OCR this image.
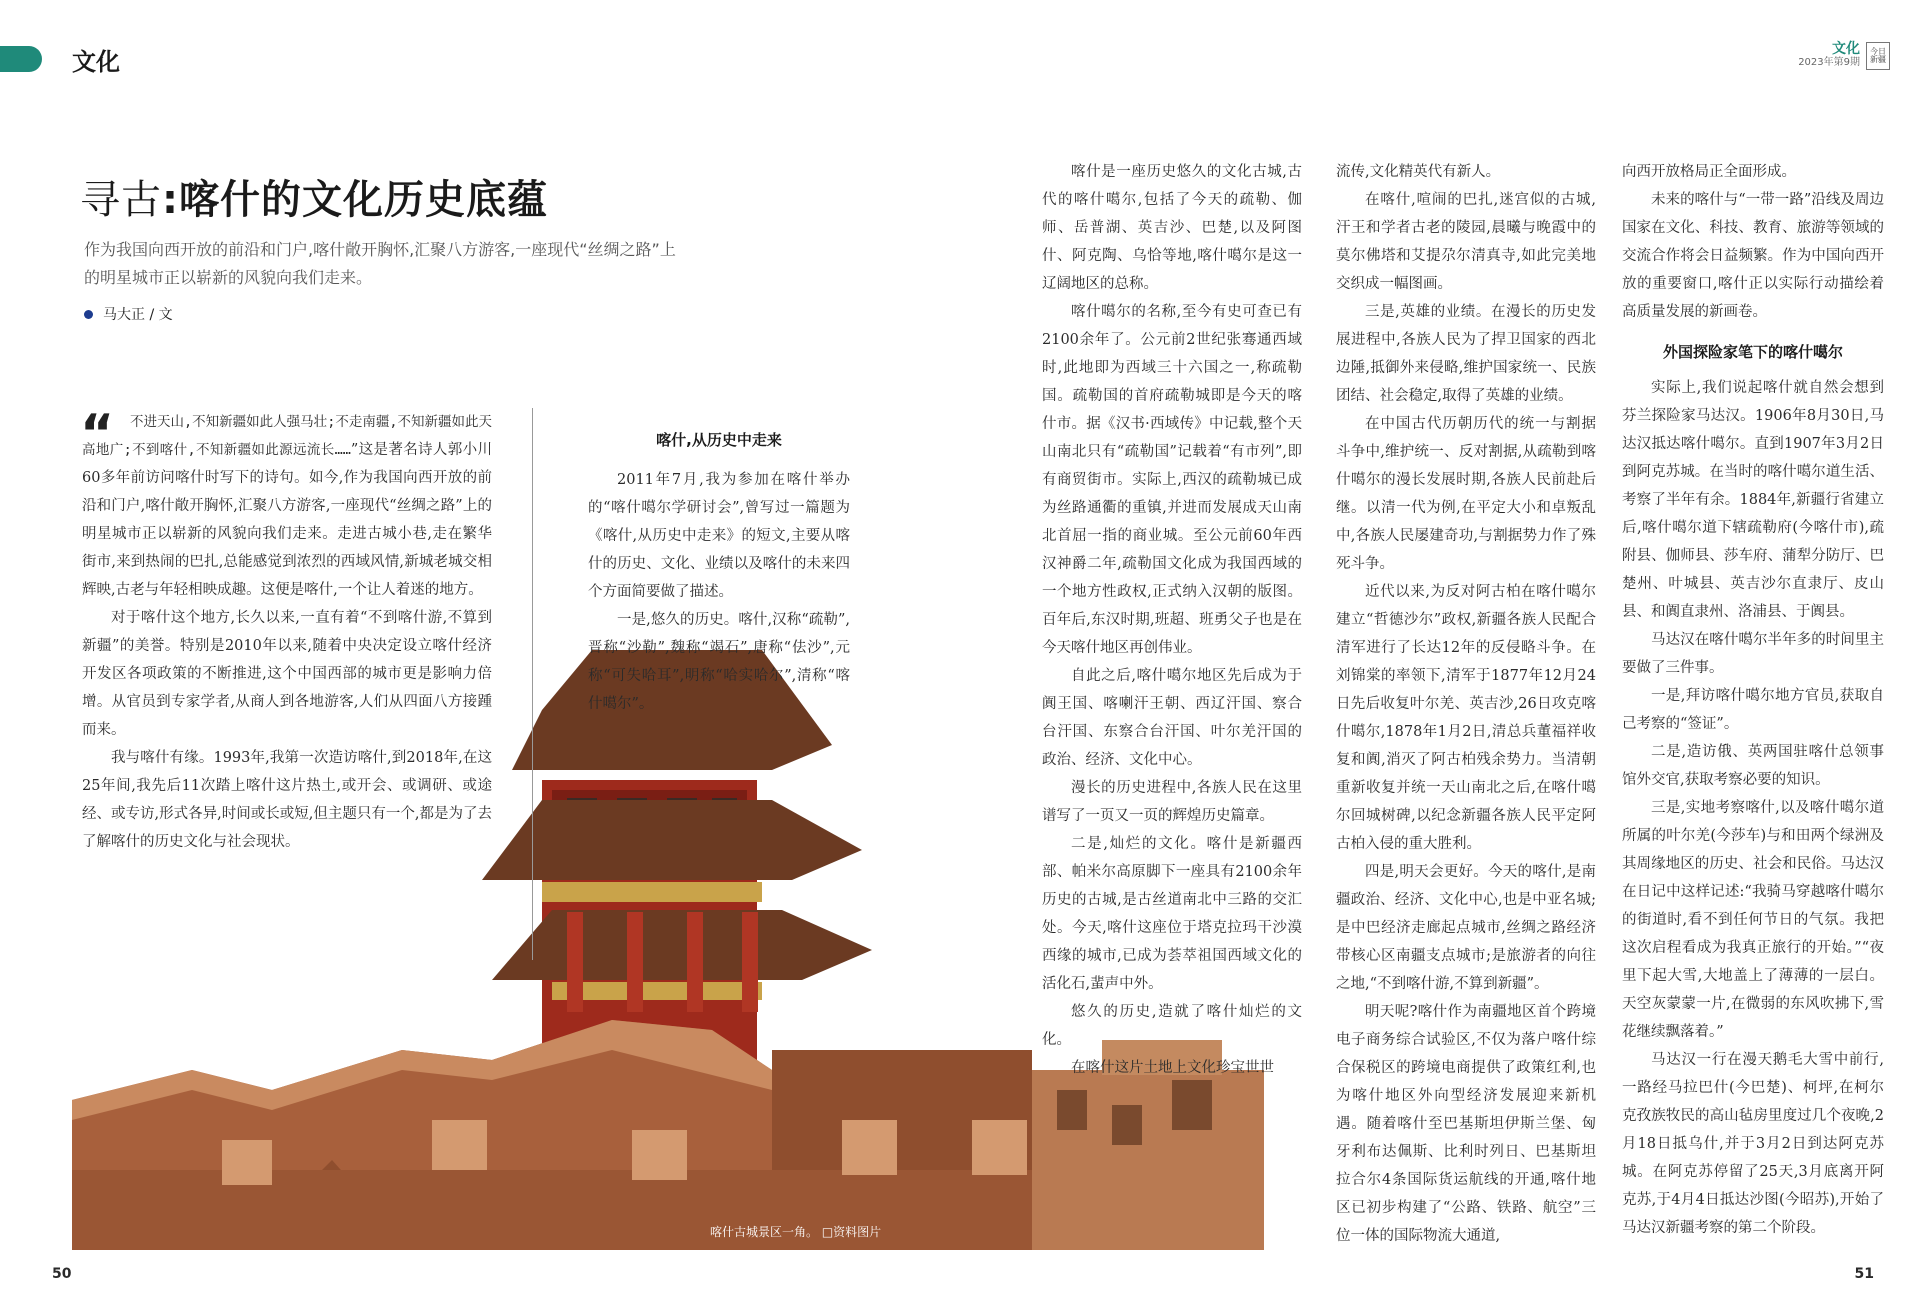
文化	文化
2023年第9期
今日新疆
寻古:喀什的文化历史底蕴
作为我国向西开放的前沿和门户,喀什敞开胸怀,汇聚八方游客,一座现代“丝绸之路”上的明星城市正以崭新的风貌向我们走来。
马大正 / 文
喀什古城景区一角。 □资料图片
“	不进天山,不知新疆如此人强马壮;不走南疆,不知新疆如此天高地广;不到喀什,不知新疆如此源远流长……”这是著名诗人郭小川60多年前访问喀什时写下的诗句。如今,作为我国向西开放的前沿和门户,喀什敞开胸怀,汇聚八方游客,一座现代“丝绸之路”上的明星城市正以崭新的风貌向我们走来。走进古城小巷,走在繁华街市,来到热闹的巴扎,总能感觉到浓烈的西域风情,新城老城交相辉映,古老与年轻相映成趣。这便是喀什,一个让人着迷的地方。

对于喀什这个地方,长久以来,一直有着“不到喀什游,不算到新疆”的美誉。特别是2010年以来,随着中央决定设立喀什经济开发区各项政策的不断推进,这个中国西部的城市更是影响力倍增。从官员到专家学者,从商人到各地游客,人们从四面八方接踵而来。

我与喀什有缘。1993年,我第一次造访喀什,到2018年,在这25年间,我先后11次踏上喀什这片热土,或开会、或调研、或途经、或专访,形式各异,时间或长或短,但主题只有一个,都是为了去了解喀什的历史文化与社会现状。

喀什,从历史中走来

2011年7月,我为参加在喀什举办的“喀什噶尔学研讨会”,曾写过一篇题为《喀什,从历史中走来》的短文,主要从喀什的历史、文化、业绩以及喀什的未来四个方面简要做了描述。

一是,悠久的历史。喀什,汉称“疏勒”,晋称“沙勒”,魏称“竭石”,唐称“佉沙”,元称“可失哈耳”,明称“哈实哈尔”,清称“喀什噶尔”。

喀什是一座历史悠久的文化古城,古代的喀什噶尔,包括了今天的疏勒、伽师、岳普湖、英吉沙、巴楚,以及阿图什、阿克陶、乌恰等地,喀什噶尔是这一辽阔地区的总称。

喀什噶尔的名称,至今有史可查已有2100余年了。公元前2世纪张骞通西域时,此地即为西域三十六国之一,称疏勒国。疏勒国的首府疏勒城即是今天的喀什市。据《汉书·西域传》中记载,整个天山南北只有“疏勒国”记载着“有市列”,即有商贸街市。实际上,西汉的疏勒城已成为丝路通衢的重镇,并进而发展成天山南北首屈一指的商业城。至公元前60年西汉神爵二年,疏勒国文化成为我国西域的一个地方性政权,正式纳入汉朝的版图。百年后,东汉时期,班超、班勇父子也是在今天喀什地区再创伟业。

自此之后,喀什噶尔地区先后成为于阗王国、喀喇汗王朝、西辽汗国、察合台汗国、东察合台汗国、叶尔羌汗国的政治、经济、文化中心。

漫长的历史进程中,各族人民在这里谱写了一页又一页的辉煌历史篇章。

二是,灿烂的文化。喀什是新疆西部、帕米尔高原脚下一座具有2100余年历史的古城,是古丝道南北中三路的交汇处。今天,喀什这座位于塔克拉玛干沙漠西缘的城市,已成为荟萃祖国西域文化的活化石,蜚声中外。

悠久的历史,造就了喀什灿烂的文化。

在喀什这片土地上文化珍宝世世

流传,文化精英代有新人。

在喀什,喧闹的巴扎,迷宫似的古城,汗王和学者古老的陵园,晨曦与晚霞中的莫尔佛塔和艾提尕尔清真寺,如此完美地交织成一幅图画。

三是,英雄的业绩。在漫长的历史发展进程中,各族人民为了捍卫国家的西北边陲,抵御外来侵略,维护国家统一、民族团结、社会稳定,取得了英雄的业绩。

在中国古代历朝历代的统一与割据斗争中,维护统一、反对割据,从疏勒到喀什噶尔的漫长发展时期,各族人民前赴后继。以清一代为例,在平定大小和卓叛乱中,各族人民屡建奇功,与割据势力作了殊死斗争。

近代以来,为反对阿古柏在喀什噶尔建立“哲德沙尔”政权,新疆各族人民配合清军进行了长达12年的反侵略斗争。在刘锦棠的率领下,清军于1877年12月24日先后收复叶尔羌、英吉沙,26日攻克喀什噶尔,1878年1月2日,清总兵董福祥收复和阗,消灭了阿古柏残余势力。当清朝重新收复并统一天山南北之后,在喀什噶尔回城树碑,以纪念新疆各族人民平定阿古柏入侵的重大胜利。

四是,明天会更好。今天的喀什,是南疆政治、经济、文化中心,也是中亚名城;是中巴经济走廊起点城市,丝绸之路经济带核心区南疆支点城市;是旅游者的向往之地,“不到喀什游,不算到新疆”。

明天呢?喀什作为南疆地区首个跨境电子商务综合试验区,不仅为落户喀什综合保税区的跨境电商提供了政策红利,也为喀什地区外向型经济发展迎来新机遇。随着喀什至巴基斯坦伊斯兰堡、匈牙利布达佩斯、比利时列日、巴基斯坦拉合尔4条国际货运航线的开通,喀什地区已初步构建了“公路、铁路、航空”三位一体的国际物流大通道,

向西开放格局正全面形成。

未来的喀什与“一带一路”沿线及周边国家在文化、科技、教育、旅游等领域的交流合作将会日益频繁。作为中国向西开放的重要窗口,喀什正以实际行动描绘着高质量发展的新画卷。

外国探险家笔下的喀什噶尔

实际上,我们说起喀什就自然会想到芬兰探险家马达汉。1906年8月30日,马达汉抵达喀什噶尔。直到1907年3月2日到阿克苏城。在当时的喀什噶尔道生活、考察了半年有余。1884年,新疆行省建立后,喀什噶尔道下辖疏勒府(今喀什市),疏附县、伽师县、莎车府、蒲犁分防厅、巴楚州、叶城县、英吉沙尔直隶厅、皮山县、和阗直隶州、洛浦县、于阗县。

马达汉在喀什噶尔半年多的时间里主要做了三件事。

一是,拜访喀什噶尔地方官员,获取自己考察的“签证”。

二是,造访俄、英两国驻喀什总领事馆外交官,获取考察必要的知识。

三是,实地考察喀什,以及喀什噶尔道所属的叶尔羌(今莎车)与和田两个绿洲及其周缘地区的历史、社会和民俗。马达汉在日记中这样记述:“我骑马穿越喀什噶尔的街道时,看不到任何节日的气氛。我把这次启程看成为我真正旅行的开始。”“夜里下起大雪,大地盖上了薄薄的一层白。天空灰蒙蒙一片,在微弱的东风吹拂下,雪花继续飘落着。”

马达汉一行在漫天鹅毛大雪中前行,一路经马拉巴什(今巴楚)、柯坪,在柯尔克孜族牧民的高山毡房里度过几个夜晚,2月18日抵乌什,并于3月2日到达阿克苏城。在阿克苏停留了25天,3月底离开阿克苏,于4月4日抵达沙图(今昭苏),开始了马达汉新疆考察的第二个阶段。

50	51
